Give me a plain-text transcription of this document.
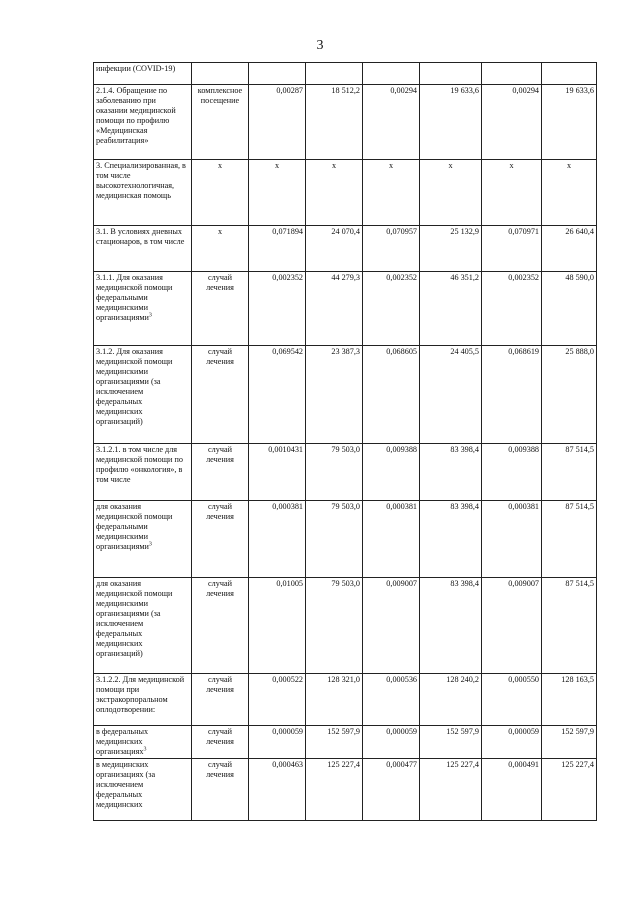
3
инфекции (COVID-19)							
2.1.4. Обращение по заболеванию при оказании медицинской помощи по профилю «Медицинская реабилитация»	комплексное посещение	0,00287	18 512,2	0,00294	19 633,6	0,00294	19 633,6
3. Специализированная, в том числе высокотехнологичная, медицинская помощь	х	х	х	х	х	х	х
3.1. В условиях дневных стационаров, в том числе	х	0,071894	24 070,4	0,070957	25 132,9	0,070971	26 640,4
3.1.1. Для оказания медицинской помощи федеральными медицинскими организациями$^3$	случай лечения	0,002352	44 279,3	0,002352	46 351,2	0,002352	48 590,0
3.1.2. Для оказания медицинской помощи медицинскими организациями (за исключением федеральных медицинских организаций)	случай лечения	0,069542	23 387,3	0,068605	24 405,5	0,068619	25 888,0
3.1.2.1. в том числе для медицинской помощи по профилю «онкология», в том числе	случай лечения	0,0010431	79 503,0	0,009388	83 398,4	0,009388	87 514,5
для оказания медицинской помощи федеральными медицинскими организациями$^3$	случай лечения	0,000381	79 503,0	0,000381	83 398,4	0,000381	87 514,5
для оказания медицинской помощи медицинскими организациями (за исключением федеральных медицинских организаций)	случай лечения	0,01005	79 503,0	0,009007	83 398,4	0,009007	87 514,5
3.1.2.2. Для медицинской помощи при экстракорпоральном оплодотворении:	случай лечения	0,000522	128 321,0	0,000536	128 240,2	0,000550	128 163,5
в федеральных медицинских организациях$^3$	случай лечения	0,000059	152 597,9	0,000059	152 597,9	0,000059	152 597,9
в медицинских организациях (за исключением федеральных медицинских	случай лечения	0,000463	125 227,4	0,000477	125 227,4	0,000491	125 227,4
